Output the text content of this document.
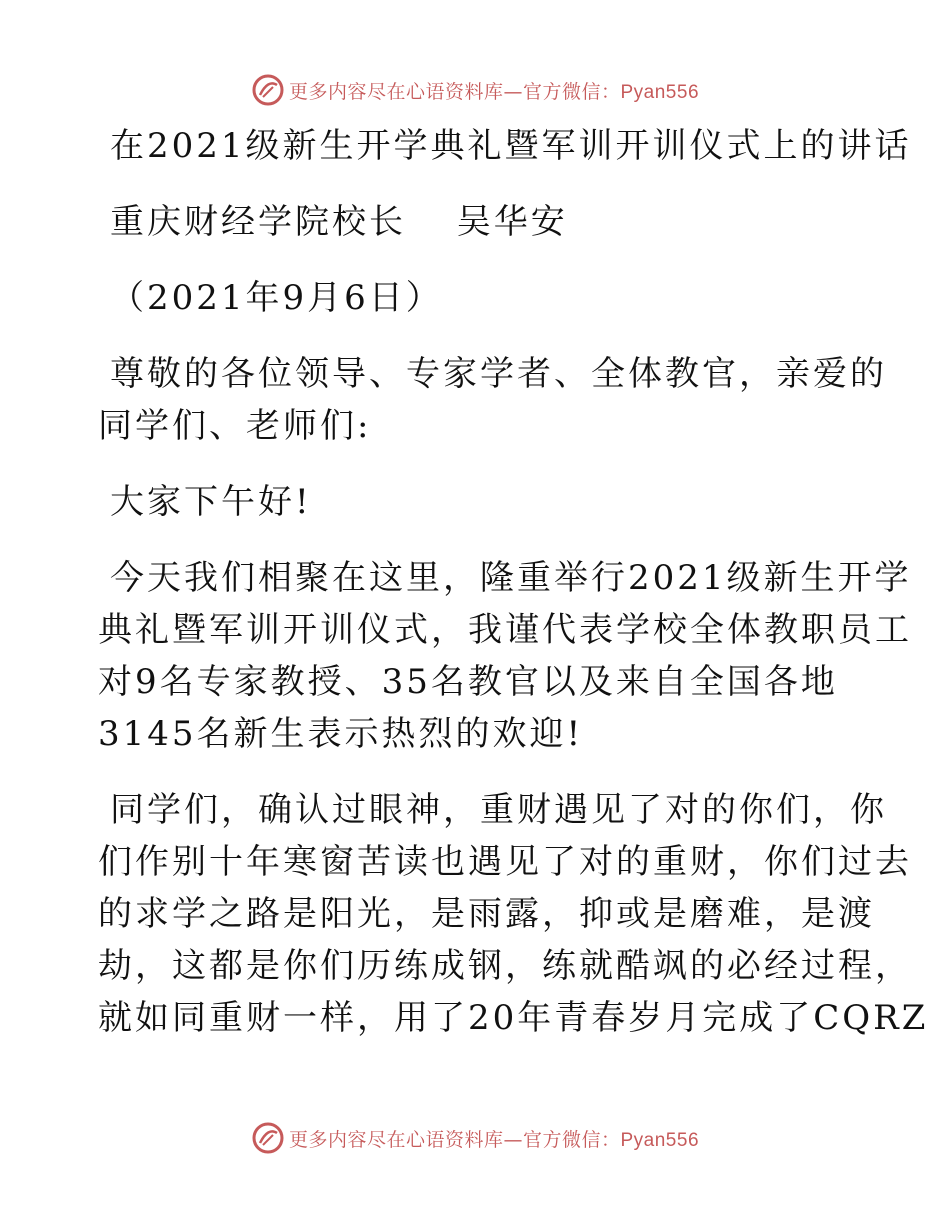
更多内容尽在心语资料库—官方微信：Pyan556
在2021级新生开学典礼暨军训开训仪式上的讲话
重庆财经学院校长　 吴华安
（2021年9月6日）
尊敬的各位领导、专家学者、全体教官，亲爱的
同学们、老师们:
大家下午好!
今天我们相聚在这里，隆重举行2021级新生开学
典礼暨军训开训仪式，我谨代表学校全体教职员工
对9名专家教授、35名教官以及来自全国各地
3145名新生表示热烈的欢迎!
同学们，确认过眼神，重财遇见了对的你们，你
们作别十年寒窗苦读也遇见了对的重财，你们过去
的求学之路是阳光，是雨露，抑或是磨难，是渡
劫，这都是你们历练成钢，练就酷飒的必经过程，
就如同重财一样，用了20年青春岁月完成了CQRZ
更多内容尽在心语资料库—官方微信：Pyan556
